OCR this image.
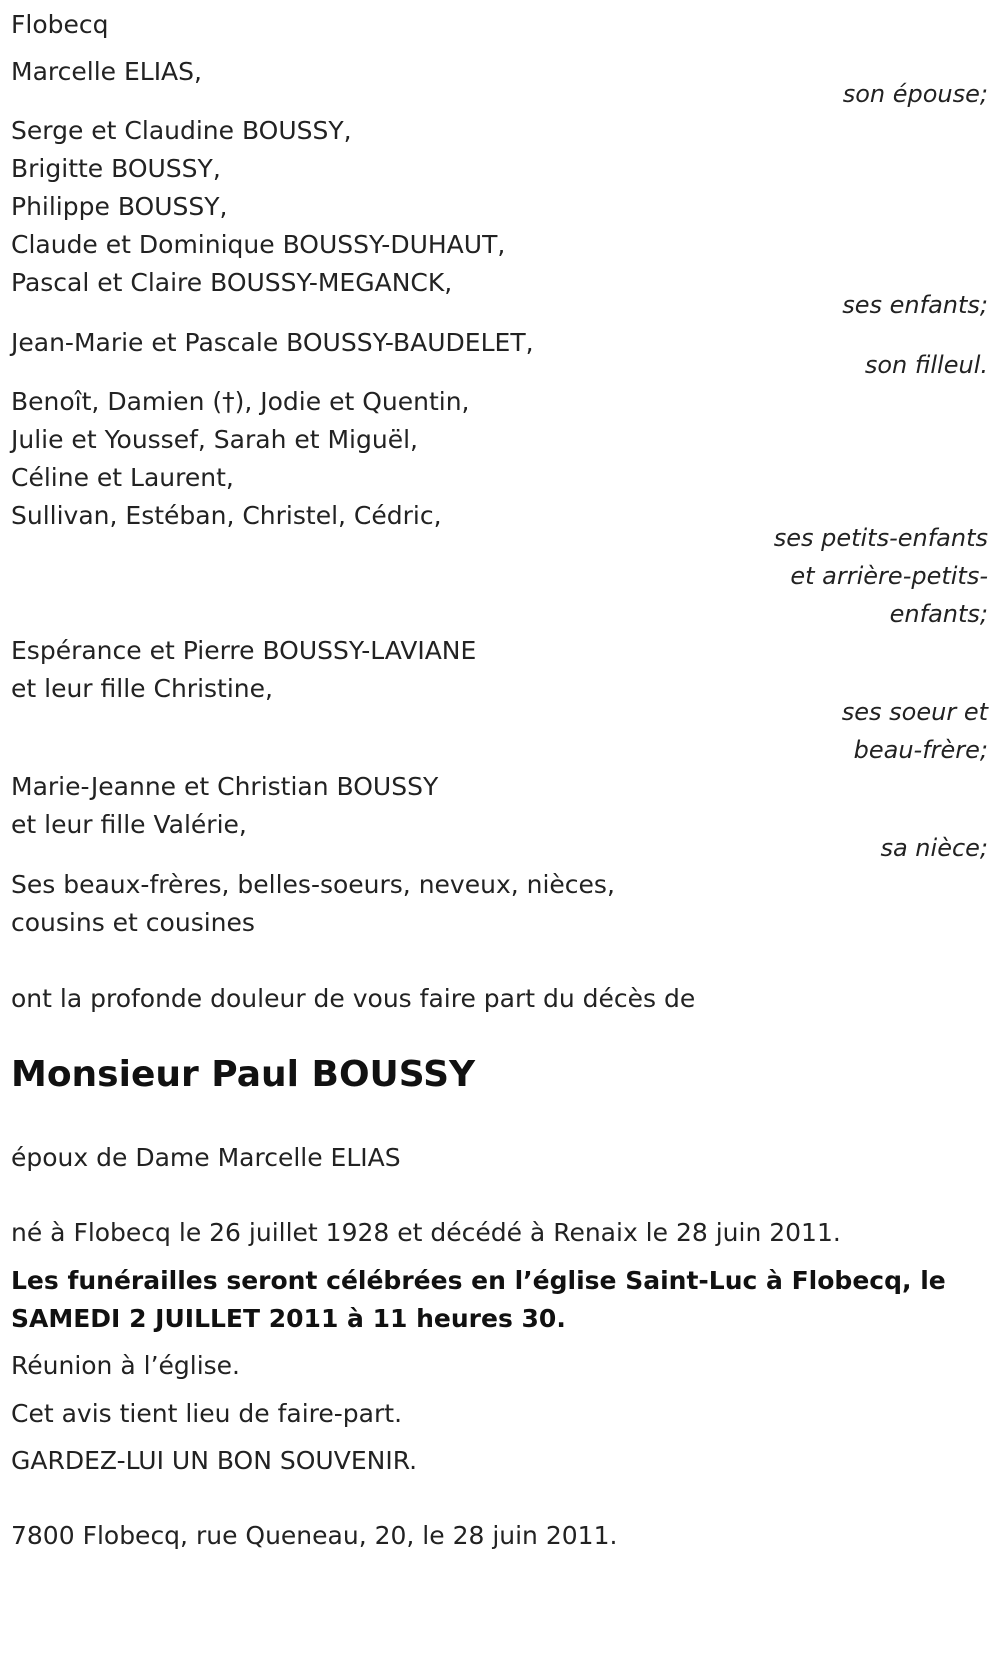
Flobecq
Marcelle ELIAS,
son épouse;
Serge et Claudine BOUSSY,
Brigitte BOUSSY,
Philippe BOUSSY,
Claude et Dominique BOUSSY-DUHAUT,
Pascal et Claire BOUSSY-MEGANCK,
ses enfants;
Jean-Marie et Pascale BOUSSY-BAUDELET,
son filleul.
Benoît, Damien (†), Jodie et Quentin,
Julie et Youssef, Sarah et Miguël,
Céline et Laurent,
Sullivan, Estéban, Christel, Cédric,
ses petits-enfants
et arrière-petits-
enfants;
Espérance et Pierre BOUSSY-LAVIANE
et leur fille Christine,
ses soeur et
beau-frère;
Marie-Jeanne et Christian BOUSSY
et leur fille Valérie,
sa nièce;
Ses beaux-frères, belles-soeurs, neveux, nièces,
cousins et cousines
ont la profonde douleur de vous faire part du décès de
Monsieur Paul BOUSSY
époux de Dame Marcelle ELIAS
né à Flobecq le 26 juillet 1928 et décédé à Renaix le 28 juin 2011.
Les funérailles seront célébrées en l’église Saint-Luc à Flobecq, le
SAMEDI 2 JUILLET 2011 à 11 heures 30.
Réunion à l’église.
Cet avis tient lieu de faire-part.
GARDEZ-LUI UN BON SOUVENIR.
7800 Flobecq, rue Queneau, 20, le 28 juin 2011.
